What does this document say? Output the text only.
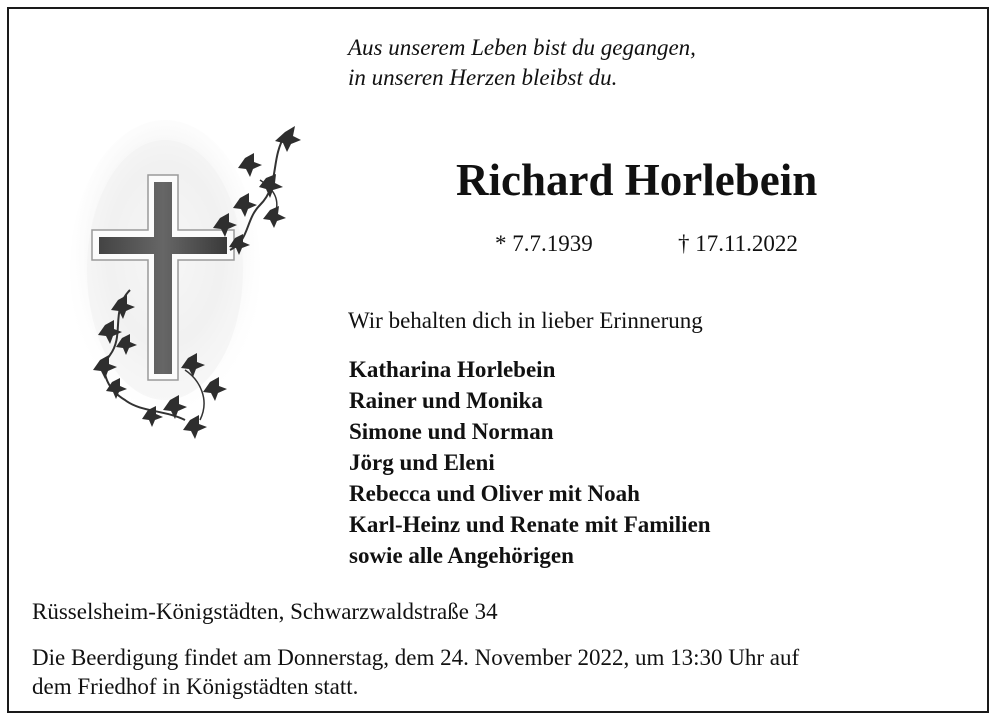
Aus unserem Leben bist du gegangen,
in unseren Herzen bleibst du.
Richard Horlebein
* 7.7.1939	† 17.11.2022
Wir behalten dich in lieber Erinnerung
Katharina Horlebein
Rainer und Monika
Simone und Norman
Jörg und Eleni
Rebecca und Oliver mit Noah
Karl-Heinz und Renate mit Familien
sowie alle Angehörigen
Rüsselsheim-Königstädten, Schwarzwaldstraße 34
Die Beerdigung findet am Donnerstag, dem 24. November 2022, um 13:30 Uhr auf
dem Friedhof in Königstädten statt.
